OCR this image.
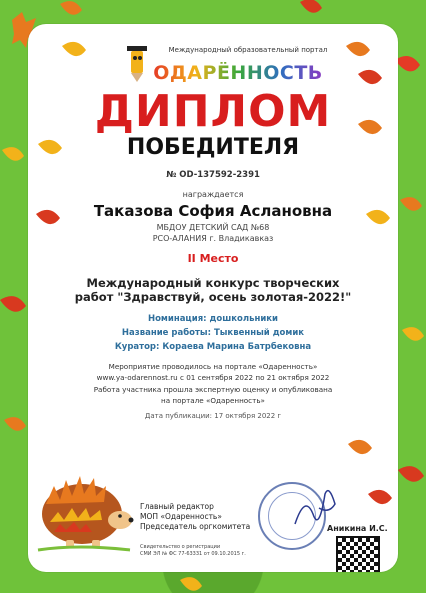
Международный образовательный портал
ОДАРЁННОСТЬ
ДИПЛОМ
ПОБЕДИТЕЛЯ
№ OD-137592-2391
награждается
Таказова София Аслановна
МБДОУ ДЕТСКИЙ САД №68
РСО-АЛАНИЯ г. Владикавказ
II Место
Международный конкурс творческих
работ "Здравствуй, осень золотая-2022!"
Номинация: дошкольники
Название работы: Тыквенный домик
Куратор: Кораева Марина Батрбековна
Мероприятие проводилось на портале «Одаренность»
www.ya-odarennost.ru с 01 сентября 2022 по 21 октября 2022
Работа участника прошла экспертную оценку и опубликована
на портале «Одаренность»
Дата публикации: 17 октября 2022 г
Главный редактор
МОП «Одаренность»
Председатель оргкомитета
Свидетельство о регистрации
СМИ ЭЛ № ФС 77-63331 от 09.10.2015 г.
Аникина И.С.
